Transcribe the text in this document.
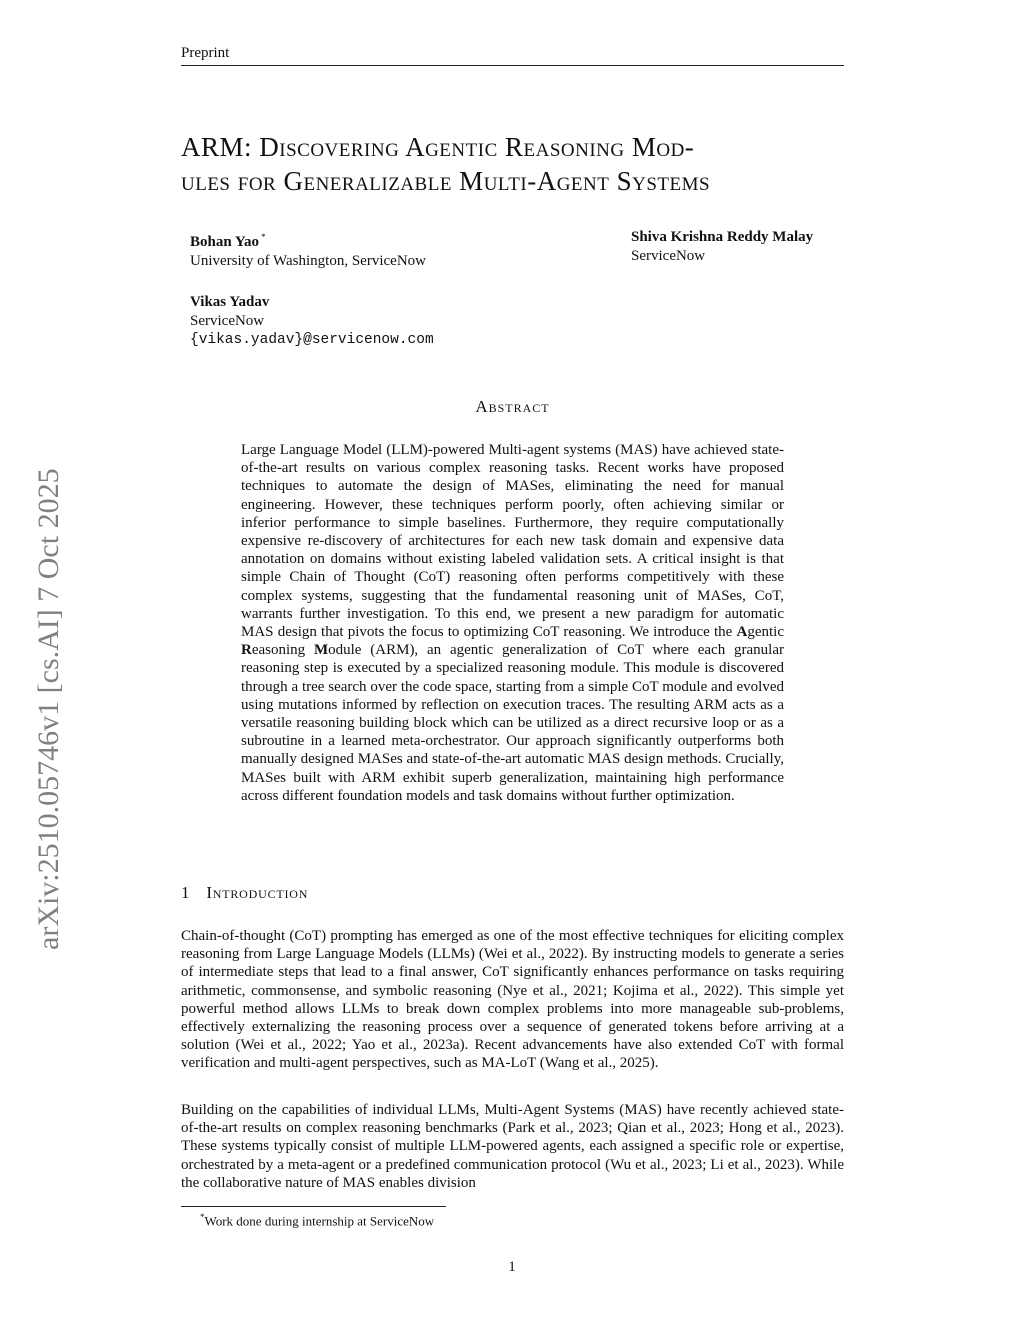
Preprint
arXiv:2510.05746v1 [cs.AI] 7 Oct 2025
ARM: Discovering Agentic Reasoning Mod-
ules for Generalizable Multi-Agent Systems
Bohan Yao *
University of Washington, ServiceNow
Shiva Krishna Reddy Malay
ServiceNow
Vikas Yadav
ServiceNow
{vikas.yadav}@servicenow.com
Abstract
Large Language Model (LLM)-powered Multi-agent systems (MAS) have achieved state-of-the-art results on various complex reasoning tasks. Recent works have proposed techniques to automate the design of MASes, eliminating the need for manual engineering. However, these techniques perform poorly, often achieving similar or inferior performance to simple baselines. Furthermore, they require computationally expensive re-discovery of architectures for each new task domain and expensive data annotation on domains without existing labeled validation sets. A critical insight is that simple Chain of Thought (CoT) reasoning often performs competitively with these complex systems, suggesting that the fundamental reasoning unit of MASes, CoT, warrants further investigation. To this end, we present a new paradigm for automatic MAS design that pivots the focus to optimizing CoT reasoning. We introduce the Agentic Reasoning Module (ARM), an agentic generalization of CoT where each granular reasoning step is executed by a specialized reasoning module. This module is discovered through a tree search over the code space, starting from a simple CoT module and evolved using mutations informed by reflection on execution traces. The resulting ARM acts as a versatile reasoning building block which can be utilized as a direct recursive loop or as a subroutine in a learned meta-orchestrator. Our approach significantly outperforms both manually designed MASes and state-of-the-art automatic MAS design methods. Crucially, MASes built with ARM exhibit superb generalization, maintaining high performance across different foundation models and task domains without further optimization.
1 Introduction
Chain-of-thought (CoT) prompting has emerged as one of the most effective techniques for eliciting complex reasoning from Large Language Models (LLMs) (Wei et al., 2022). By instructing models to generate a series of intermediate steps that lead to a final answer, CoT significantly enhances performance on tasks requiring arithmetic, commonsense, and symbolic reasoning (Nye et al., 2021; Kojima et al., 2022). This simple yet powerful method allows LLMs to break down complex problems into more manageable sub-problems, effectively externalizing the reasoning process over a sequence of generated tokens before arriving at a solution (Wei et al., 2022; Yao et al., 2023a). Recent advancements have also extended CoT with formal verification and multi-agent perspectives, such as MA-LoT (Wang et al., 2025).
Building on the capabilities of individual LLMs, Multi-Agent Systems (MAS) have recently achieved state-of-the-art results on complex reasoning benchmarks (Park et al., 2023; Qian et al., 2023; Hong et al., 2023). These systems typically consist of multiple LLM-powered agents, each assigned a specific role or expertise, orchestrated by a meta-agent or a predefined communication protocol (Wu et al., 2023; Li et al., 2023). While the collaborative nature of MAS enables division
*Work done during internship at ServiceNow
1
